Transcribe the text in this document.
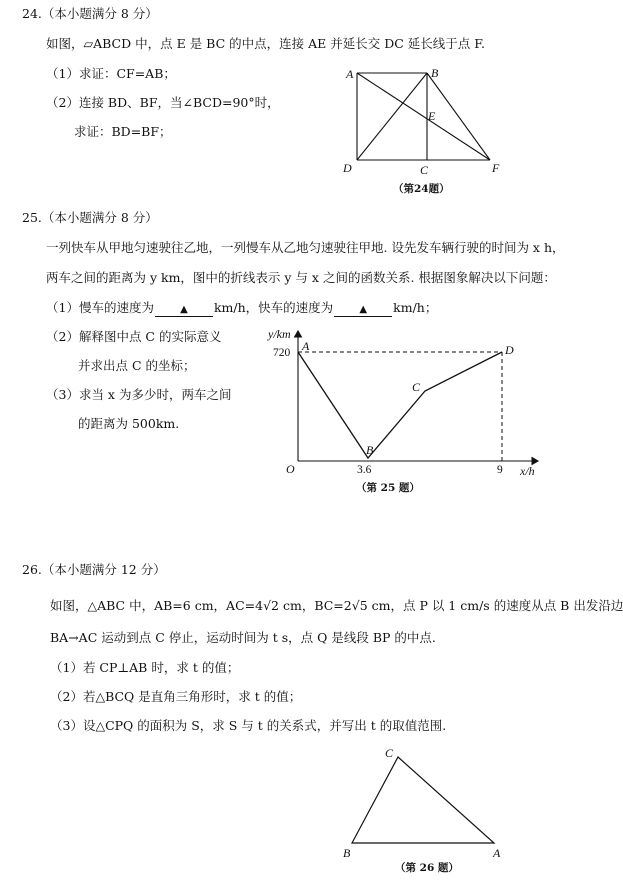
24.（本小题满分 8 分）
如图，▱ABCD 中，点 E 是 BC 的中点，连接 AE 并延长交 DC 延长线于点 F.
（1）求证：CF=AB；
（2）连接 BD、BF，当∠BCD=90°时，
求证：BD=BF；
A	B
E
D	C	F
（第24题）
25.（本小题满分 8 分）
一列快车从甲地匀速驶往乙地，一列慢车从乙地匀速驶往甲地. 设先发车辆行驶的时间为 x h，
两车之间的距离为 y km，图中的折线表示 y 与 x 之间的函数关系. 根据图象解决以下问题：
（1）慢车的速度为	▲ km/h，快车的速度为	▲ km/h；
（2）解释图中点 C 的实际意义
并求出点 C 的坐标；
（3）求当 x 为多少时，两车之间
的距离为 500km.
y/km
720 A	D
C
B
O	3.6	9 x/h
（第 25 题）
26.（本小题满分 12 分）
如图，△ABC 中，AB=6 cm，AC=4√2 cm，BC=2√5 cm，点 P 以 1 cm/s 的速度从点 B 出发沿边
BA→AC 运动到点 C 停止，运动时间为 t s，点 Q 是线段 BP 的中点.
（1）若 CP⊥AB 时，求 t 的值；
（2）若△BCQ 是直角三角形时，求 t 的值；
（3）设△CPQ 的面积为 S，求 S 与 t 的关系式，并写出 t 的取值范围.
C
B	A
（第 26 题）
